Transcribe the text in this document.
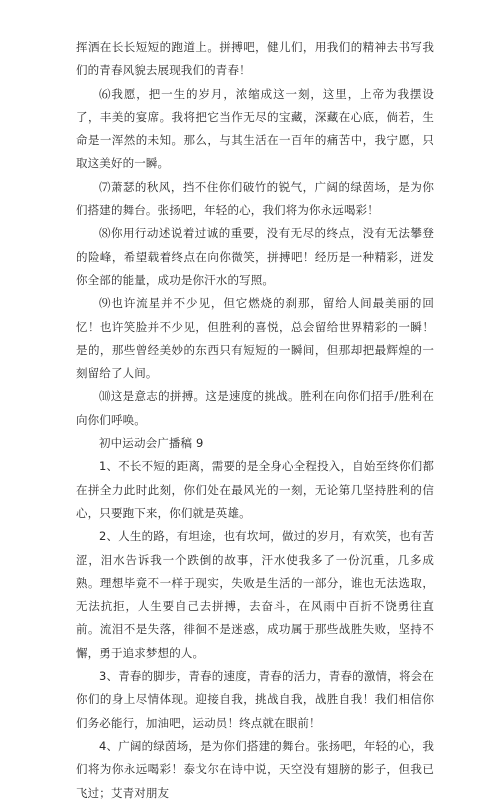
挥洒在长长短短的跑道上。拼搏吧，健儿们，用我们的精神去书写我们的青春风貌去展现我们的青春！

⑹我愿，把一生的岁月，浓缩成这一刻，这里，上帝为我摆设了，丰美的宴席。我将把它当作无尽的宝藏，深藏在心底，倘若，生命是一浑然的未知。那么，与其生活在一百年的痛苦中，我宁愿，只取这美好的一瞬。

⑺萧瑟的秋风，挡不住你们破竹的锐气，广阔的绿茵场，是为你们搭建的舞台。张扬吧，年轻的心，我们将为你永远喝彩！

⑻你用行动述说着过诚的重要，没有无尽的终点，没有无法攀登的险峰，希望载着终点在向你微笑，拼搏吧！经历是一种精彩，迸发你全部的能量，成功是你汗水的写照。

⑼也许流星并不少见，但它燃烧的刹那，留给人间最美丽的回忆！也许笑脸并不少见，但胜利的喜悦，总会留给世界精彩的一瞬！是的，那些曾经美妙的东西只有短短的一瞬间，但那却把最辉煌的一刻留给了人间。

⑽这是意志的拼搏。这是速度的挑战。胜利在向你们招手/胜利在向你们呼唤。

初中运动会广播稿 9

1、不长不短的距离，需要的是全身心全程投入，自始至终你们都在拼全力此时此刻，你们处在最风光的一刻，无论第几坚持胜利的信心，只要跑下来，你们就是英雄。

2、人生的路，有坦途，也有坎坷，做过的岁月，有欢笑，也有苦涩，泪水告诉我一个跌倒的故事，汗水使我多了一份沉重，几多成熟。理想毕竟不一样于现实，失败是生活的一部分，谁也无法选取，无法抗拒，人生要自己去拼搏，去奋斗，在风雨中百折不饶勇往直前。流泪不是失落，徘徊不是迷惑，成功属于那些战胜失败，坚持不懈，勇于追求梦想的人。

3、青春的脚步，青春的速度，青春的活力，青春的激情，将会在你们的身上尽情体现。迎接自我，挑战自我，战胜自我！我们相信你们务必能行，加油吧，运动员！终点就在眼前！

4、广阔的绿茵场，是为你们搭建的舞台。张扬吧，年轻的心，我们将为你永远喝彩！泰戈尔在诗中说，天空没有翅膀的影子，但我已飞过；艾青对朋友
